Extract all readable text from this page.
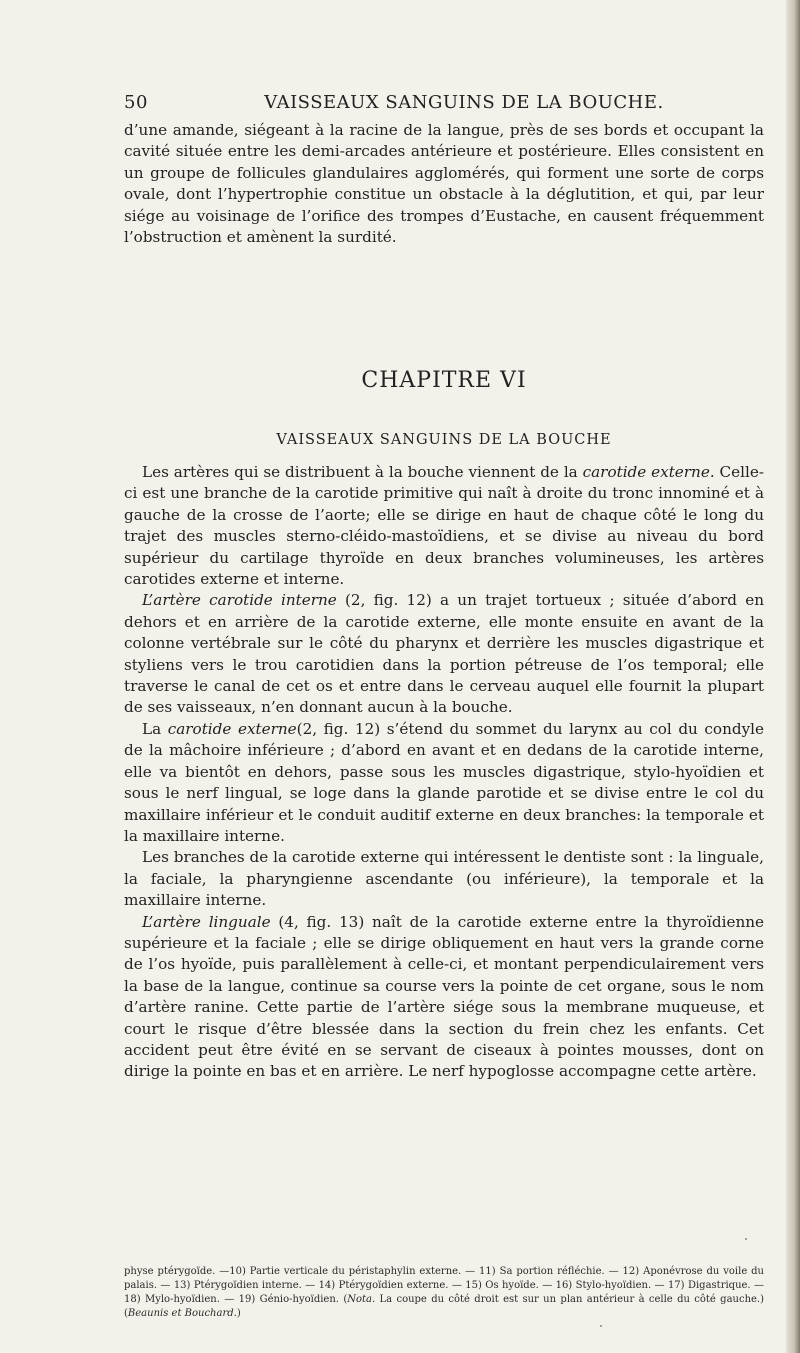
50	VAISSEAUX SANGUINS DE LA BOUCHE.

d’une amande, siégeant à la racine de la langue, près de ses bords et occupant la cavité située entre les demi-arcades antérieure et postérieure. Elles consistent en un groupe de follicules glandulaires agglomérés, qui forment une sorte de corps ovale, dont l’hypertrophie constitue un obstacle à la déglutition, et qui, par leur siége au voisinage de l’orifice des trompes d’Eustache, en causent fréquemment l’obstruction et amènent la surdité.

CHAPITRE VI
VAISSEAUX SANGUINS DE LA BOUCHE

Les artères qui se distribuent à la bouche viennent de la carotide externe. Celle-ci est une branche de la carotide primitive qui naît à droite du tronc innominé et à gauche de la crosse de l’aorte; elle se dirige en haut de chaque côté le long du trajet des muscles sterno-cléido-mastoïdiens, et se divise au niveau du bord supérieur du cartilage thyroïde en deux branches volumineuses, les artères carotides externe et interne.

L’artère carotide interne (2, fig. 12) a un trajet tortueux ; située d’abord en dehors et en arrière de la carotide externe, elle monte ensuite en avant de la colonne vertébrale sur le côté du pharynx et derrière les muscles digastrique et styliens vers le trou carotidien dans la portion pétreuse de l’os temporal; elle traverse le canal de cet os et entre dans le cerveau auquel elle fournit la plupart de ses vaisseaux, n’en donnant aucun à la bouche.

La carotide externe(2, fig. 12) s’étend du sommet du larynx au col du condyle de la mâchoire inférieure ; d’abord en avant et en dedans de la carotide interne, elle va bientôt en dehors, passe sous les muscles digastrique, stylo-hyoïdien et sous le nerf lingual, se loge dans la glande parotide et se divise entre le col du maxillaire inférieur et le conduit auditif externe en deux branches: la temporale et la maxillaire interne.

Les branches de la carotide externe qui intéressent le dentiste sont : la linguale, la faciale, la pharyngienne ascendante (ou inférieure), la temporale et la maxillaire interne.

L’artère linguale (4, fig. 13) naît de la carotide externe entre la thyroïdienne supérieure et la faciale ; elle se dirige obliquement en haut vers la grande corne de l’os hyoïde, puis parallèlement à celle-ci, et montant perpendiculairement vers la base de la langue, continue sa course vers la pointe de cet organe, sous le nom d’artère ranine. Cette partie de l’artère siége sous la membrane muqueuse, et court le risque d’être blessée dans la section du frein chez les enfants. Cet accident peut être évité en se servant de ciseaux à pointes mousses, dont on dirige la pointe en bas et en arrière. Le nerf hypoglosse accompagne cette artère.

physe ptérygoïde. —10) Partie verticale du péristaphylin externe. — 11) Sa portion réfléchie. — 12) Aponévrose du voile du palais. — 13) Ptérygoïdien interne. — 14) Ptérygoïdien externe. — 15) Os hyoïde. — 16) Stylo-hyoïdien. — 17) Digastrique. — 18) Mylo-hyoïdien. — 19) Génio-hyoïdien. (Nota. La coupe du côté droit est sur un plan antérieur à celle du côté gauche.) (Beaunis et Bouchard.)
